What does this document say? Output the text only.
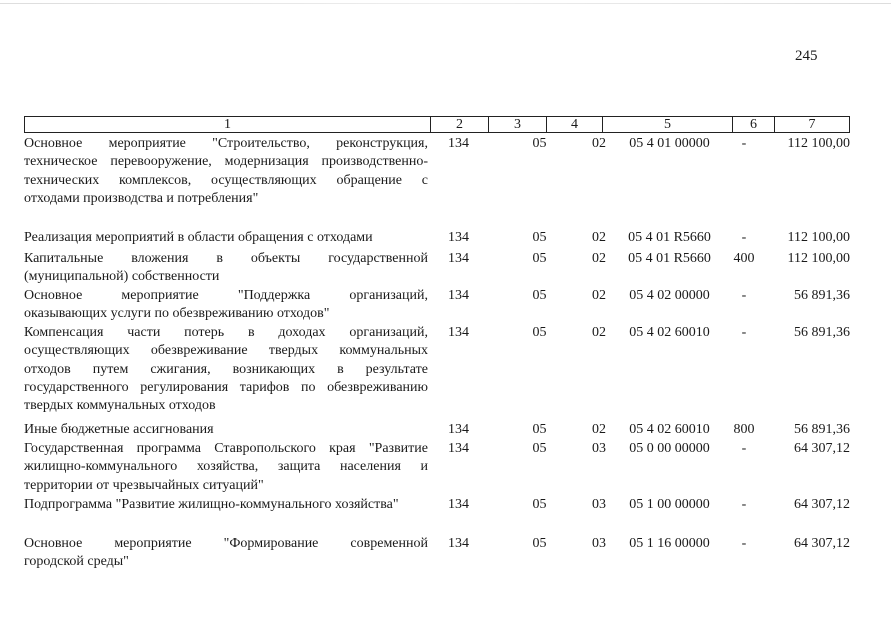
245
1	2	3	4	5	6	7
Основное мероприятие "Строительство, реконструкция,
техническое перевооружение, модернизация производственно-
технических комплексов, осуществляющих обращение с
отходами производства и потребления"
134	05	02	05 4 01 00000	-	112 100,00
Реализация мероприятий в области обращения с отходами	134	05	02	05 4 01 R5660	-	112 100,00
Капитальные вложения в объекты государственной
(муниципальной) собственности
134	05	02	05 4 01 R5660	400	112 100,00
Основное мероприятие "Поддержка организаций,
оказывающих услуги по обезвреживанию отходов"
134	05	02	05 4 02 00000	-	56 891,36
Компенсация части потерь в доходах организаций,
осуществляющих обезвреживание твердых коммунальных
отходов путем сжигания, возникающих в результате
государственного регулирования тарифов по обезвреживанию
твердых коммунальных отходов
134	05	02	05 4 02 60010	-	56 891,36
Иные бюджетные ассигнования	134	05	02	05 4 02 60010	800	56 891,36
Государственная программа Ставропольского края "Развитие
жилищно-коммунального хозяйства, защита населения и
территории от чрезвычайных ситуаций"
134	05	03	05 0 00 00000	-	64 307,12
Подпрограмма "Развитие жилищно-коммунального хозяйства"	134	05	03	05 1 00 00000	-	64 307,12
Основное мероприятие "Формирование современной
городской среды"
134	05	03	05 1 16 00000	-	64 307,12
